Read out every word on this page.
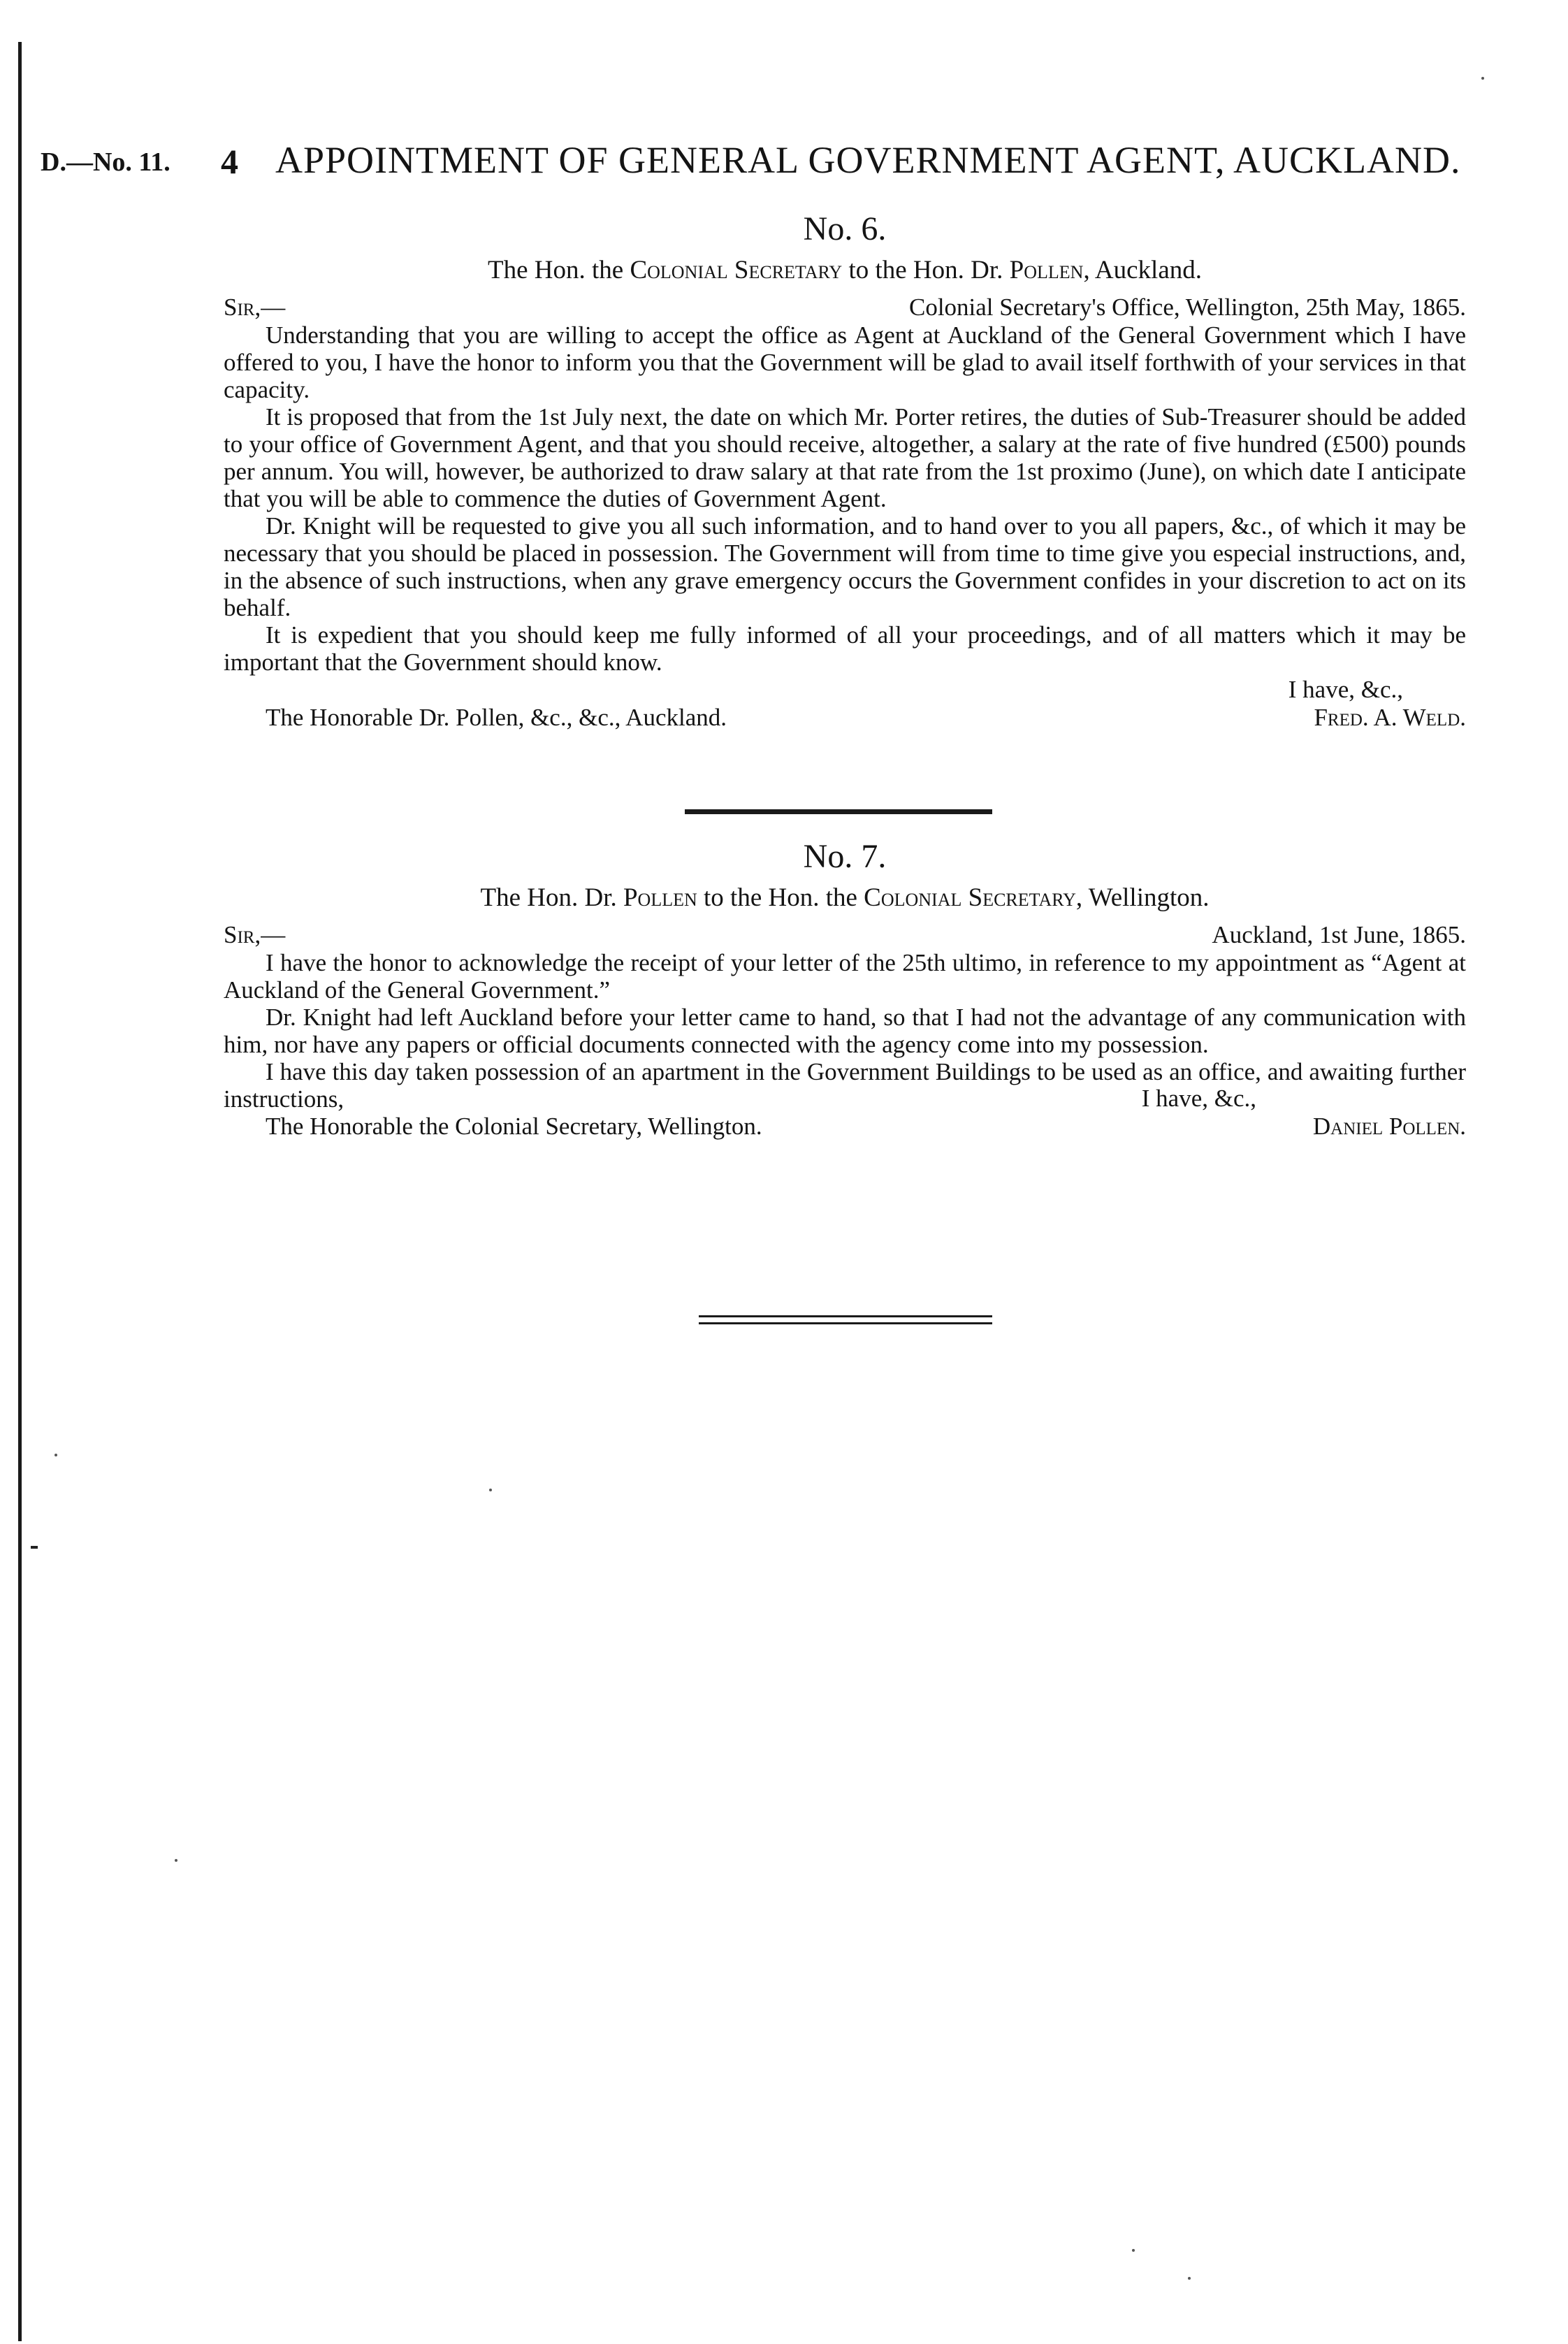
D.—No. 11. 4 APPOINTMENT OF GENERAL GOVERNMENT AGENT, AUCKLAND.

No. 6.

The Hon. the Colonial Secretary to the Hon. Dr. Pollen, Auckland.

Sir,—	Colonial Secretary's Office, Wellington, 25th May, 1865.

Understanding that you are willing to accept the office as Agent at Auckland of the General Government which I have offered to you, I have the honor to inform you that the Government will be glad to avail itself forthwith of your services in that capacity.

It is proposed that from the 1st July next, the date on which Mr. Porter retires, the duties of Sub-Treasurer should be added to your office of Government Agent, and that you should receive, altogether, a salary at the rate of five hundred (£500) pounds per annum. You will, however, be authorized to draw salary at that rate from the 1st proximo (June), on which date I anticipate that you will be able to commence the duties of Government Agent.

Dr. Knight will be requested to give you all such information, and to hand over to you all papers, &c., of which it may be necessary that you should be placed in possession. The Government will from time to time give you especial instructions, and, in the absence of such instructions, when any grave emergency occurs the Government confides in your discretion to act on its behalf.

It is expedient that you should keep me fully informed of all your proceedings, and of all matters which it may be important that the Government should know.

I have, &c.,
The Honorable Dr. Pollen, &c., &c., Auckland.	Fred. A. Weld.

No. 7.

The Hon. Dr. Pollen to the Hon. the Colonial Secretary, Wellington.

Sir,—	Auckland, 1st June, 1865.

I have the honor to acknowledge the receipt of your letter of the 25th ultimo, in reference to my appointment as “Agent at Auckland of the General Government.”

Dr. Knight had left Auckland before your letter came to hand, so that I had not the advantage of any communication with him, nor have any papers or official documents connected with the agency come into my possession.

I have this day taken possession of an apartment in the Government Buildings to be used as an office, and awaiting further instructions,	I have, &c.,
The Honorable the Colonial Secretary, Wellington.	Daniel Pollen.
